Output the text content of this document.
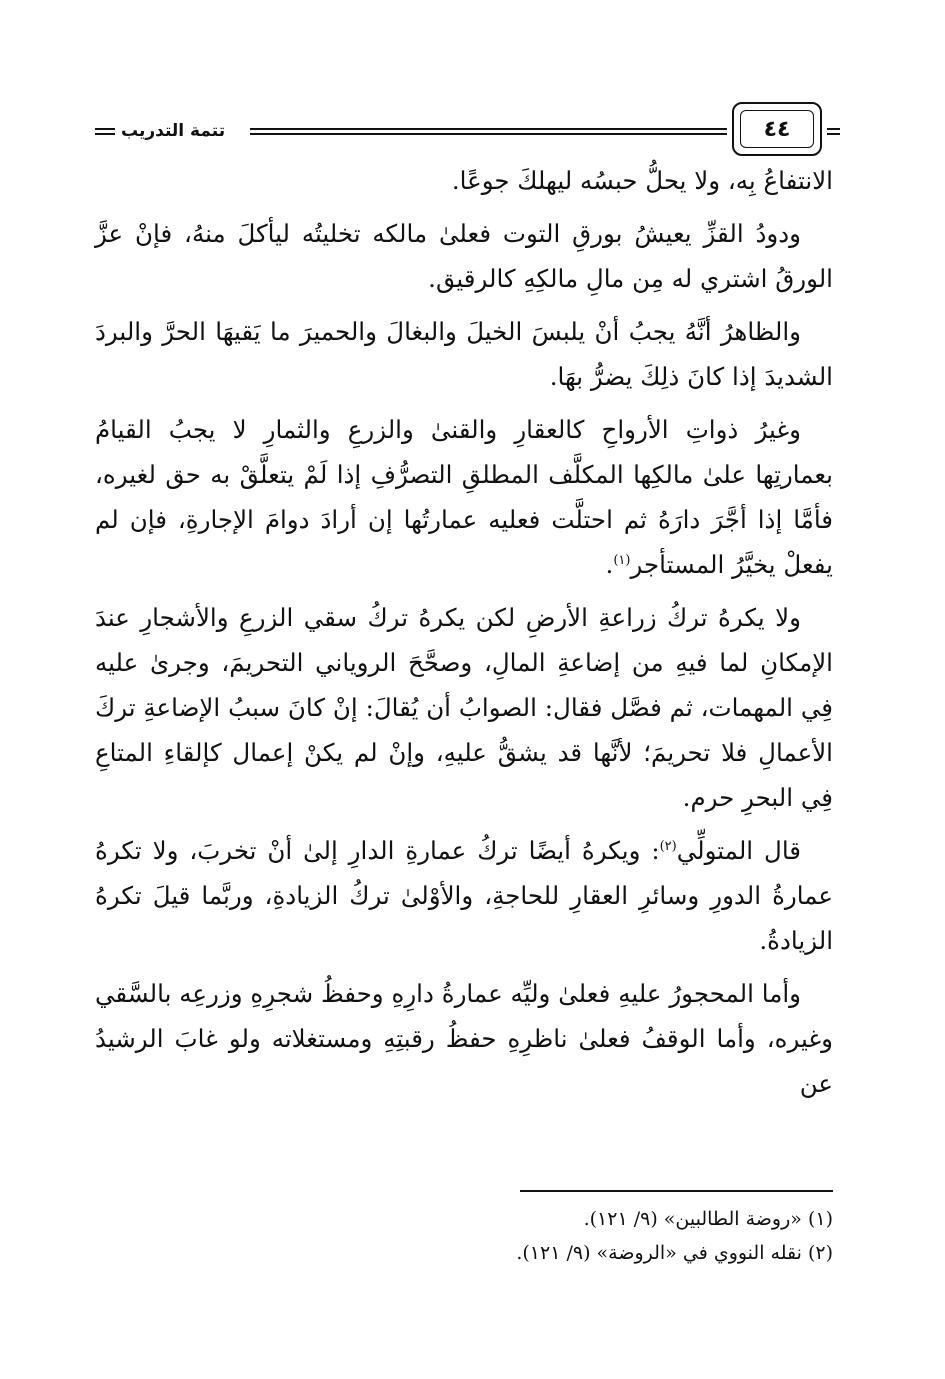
تتمة التدريب	٤٤

الانتفاعُ بِه، ولا يحلُّ حبسُه ليهلكَ جوعًا.

ودودُ القزِّ يعيشُ بورقِ التوت فعلىٰ مالكه تخليتُه ليأكلَ منهُ، فإنْ عزَّ الورقُ اشتري له مِن مالِ مالكِهِ كالرقيق.

والظاهرُ أنَّهُ يجبُ أنْ يلبسَ الخيلَ والبغالَ والحميرَ ما يَقيهَا الحرَّ والبردَ الشديدَ إذا كانَ ذلِكَ يضرُّ بهَا.

وغيرُ ذواتِ الأرواحِ كالعقارِ والقنىٰ والزرعِ والثمارِ لا يجبُ القيامُ بعمارتِها علىٰ مالكِها المكلَّف المطلقِ التصرُّفِ إذا لَمْ يتعلَّقْ به حق لغيره، فأمَّا إذا أجَّرَ دارَهُ ثم احتلَّت فعليه عمارتُها إن أرادَ دوامَ الإجارةِ، فإن لم يفعلْ يخيَّرُ المستأجر$^{(١)}$.

ولا يكرهُ تركُ زراعةِ الأرضِ لكن يكرهُ تركُ سقي الزرعِ والأشجارِ عندَ الإمكانِ لما فيهِ من إضاعةِ المالِ، وصحَّحَ الروياني التحريمَ، وجرىٰ عليه فِي المهمات، ثم فصَّل فقال: الصوابُ أن يُقالَ: إنْ كانَ سببُ الإضاعةِ تركَ الأعمالِ فلا تحريمَ؛ لأنَّها قد يشقُّ عليهِ، وإنْ لم يكنْ إعمال كإلقاءِ المتاعِ فِي البحرِ حرم.

قال المتولِّي$^{(٢)}$: ويكرهُ أيضًا تركُ عمارةِ الدارِ إلىٰ أنْ تخربَ، ولا تكرهُ عمارةُ الدورِ وسائرِ العقارِ للحاجةِ، والأوْلىٰ تركُ الزيادةِ، وربَّما قيلَ تكرهُ الزيادةُ.

وأما المحجورُ عليهِ فعلىٰ وليِّه عمارةُ دارِهِ وحفظُ شجرِهِ وزرعِه بالسَّقي وغيره، وأما الوقفُ فعلىٰ ناظرِهِ حفظُ رقبتِهِ ومستغلاته ولو غابَ الرشيدُ عن

(١) «روضة الطالبين» (٩/ ١٢١).

(٢) نقله النووي في «الروضة» (٩/ ١٢١).
